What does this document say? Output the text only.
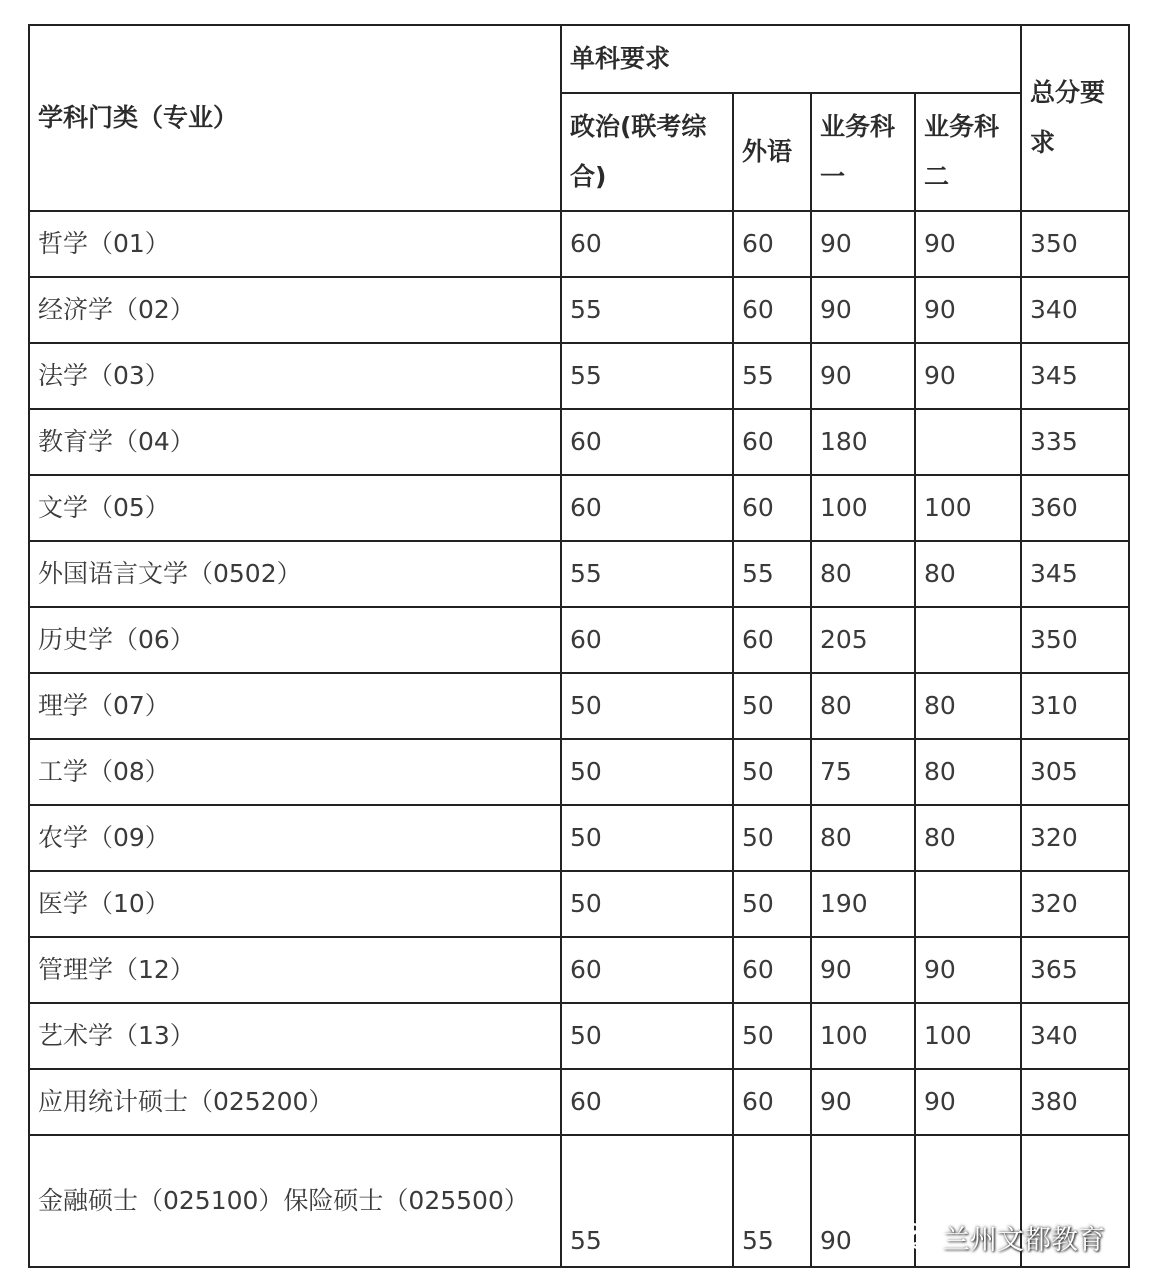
学科门类（专业）	单科要求				总分要求
	政治(联考综合)	外语	业务科一	业务科二	
哲学（01）	60	60	90	90	350
经济学（02）	55	60	90	90	340
法学（03）	55	55	90	90	345
教育学（04）	60	60	180		335
文学（05）	60	60	100	100	360
外国语言文学（0502）	55	55	80	80	345
历史学（06）	60	60	205		350
理学（07）	50	50	80	80	310
工学（08）	50	50	75	80	305
农学（09）	50	50	80	80	320
医学（10）	50	50	190		320
管理学（12）	60	60	90	90	365
艺术学（13）	50	50	100	100	340
应用统计硕士（025200）	60	60	90	90	380
金融硕士（025100）保险硕士（025500）	55	55	90			兰州文都教育
